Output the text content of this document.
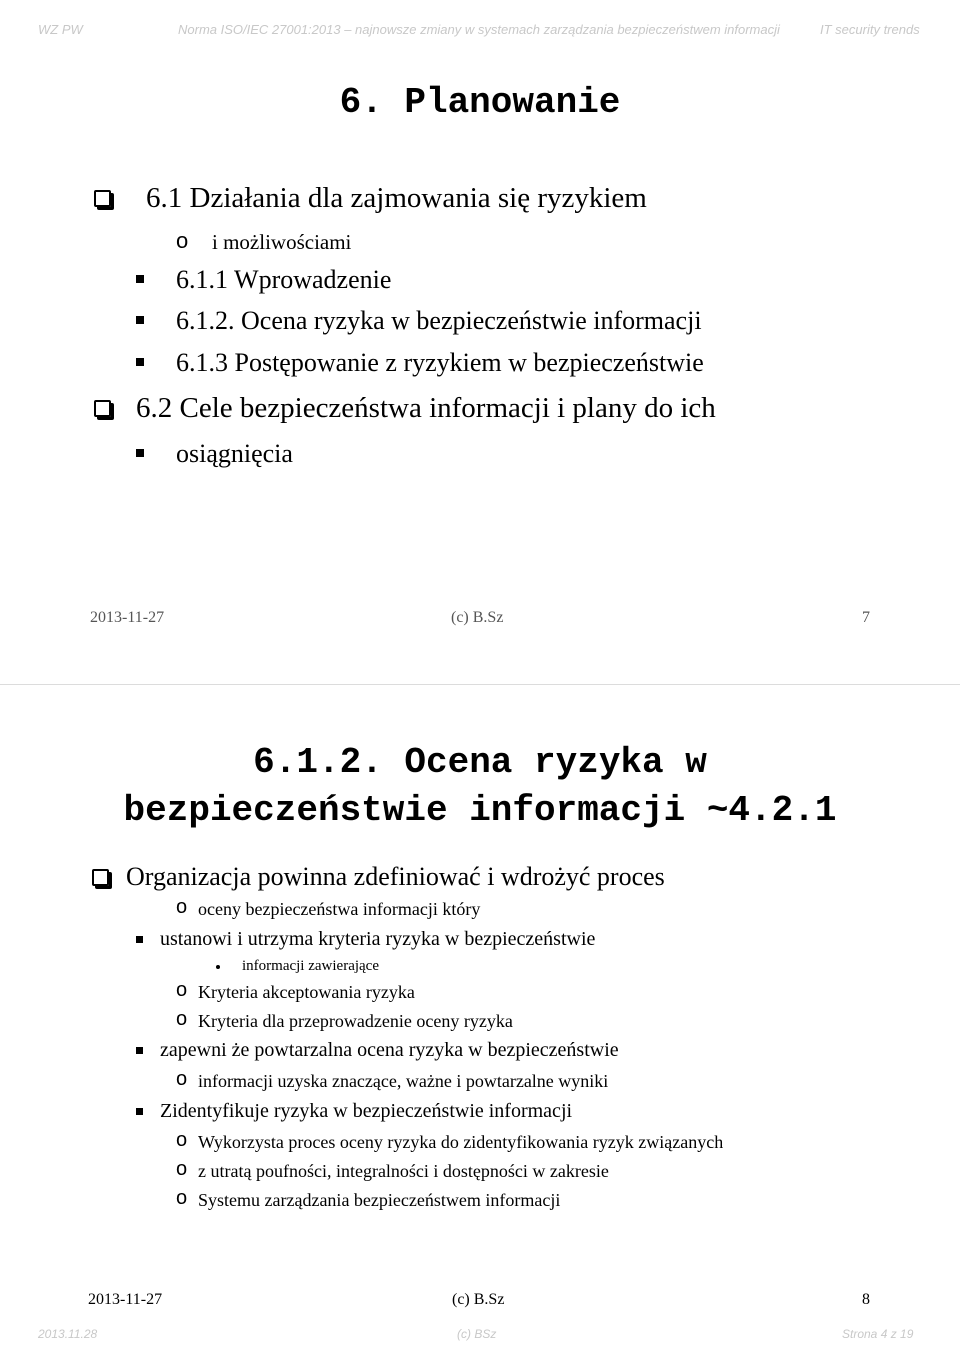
WZ PW	Norma ISO/IEC 27001:2013 – najnowsze zmiany w systemach zarządzania bezpieczeństwem informacji	IT security trends
6. Planowanie
6.1 Działania dla zajmowania się ryzykiem
o i możliwościami
6.1.1 Wprowadzenie
6.1.2. Ocena ryzyka w bezpieczeństwie informacji
6.1.3 Postępowanie z ryzykiem w bezpieczeństwie
6.2 Cele bezpieczeństwa informacji i plany do ich
osiągnięcia
2013-11-27	(c) B.Sz	7
6.1.2. Ocena ryzyka w
bezpieczeństwie informacji ~4.2.1
Organizacja powinna zdefiniować i wdrożyć proces
o oceny bezpieczeństwa informacji który
ustanowi i utrzyma kryteria ryzyka w bezpieczeństwie
informacji zawierające
o Kryteria akceptowania ryzyka
o Kryteria dla przeprowadzenie oceny ryzyka
zapewni że powtarzalna ocena ryzyka w bezpieczeństwie
o informacji uzyska znaczące, ważne i powtarzalne wyniki
Zidentyfikuje ryzyka w bezpieczeństwie informacji
o Wykorzysta proces oceny ryzyka do zidentyfikowania ryzyk związanych
o z utratą poufności, integralności i dostępności w zakresie
o Systemu zarządzania bezpieczeństwem informacji
2013-11-27	(c) B.Sz	8
2013.11.28	(c) BSz	Strona 4 z 19
